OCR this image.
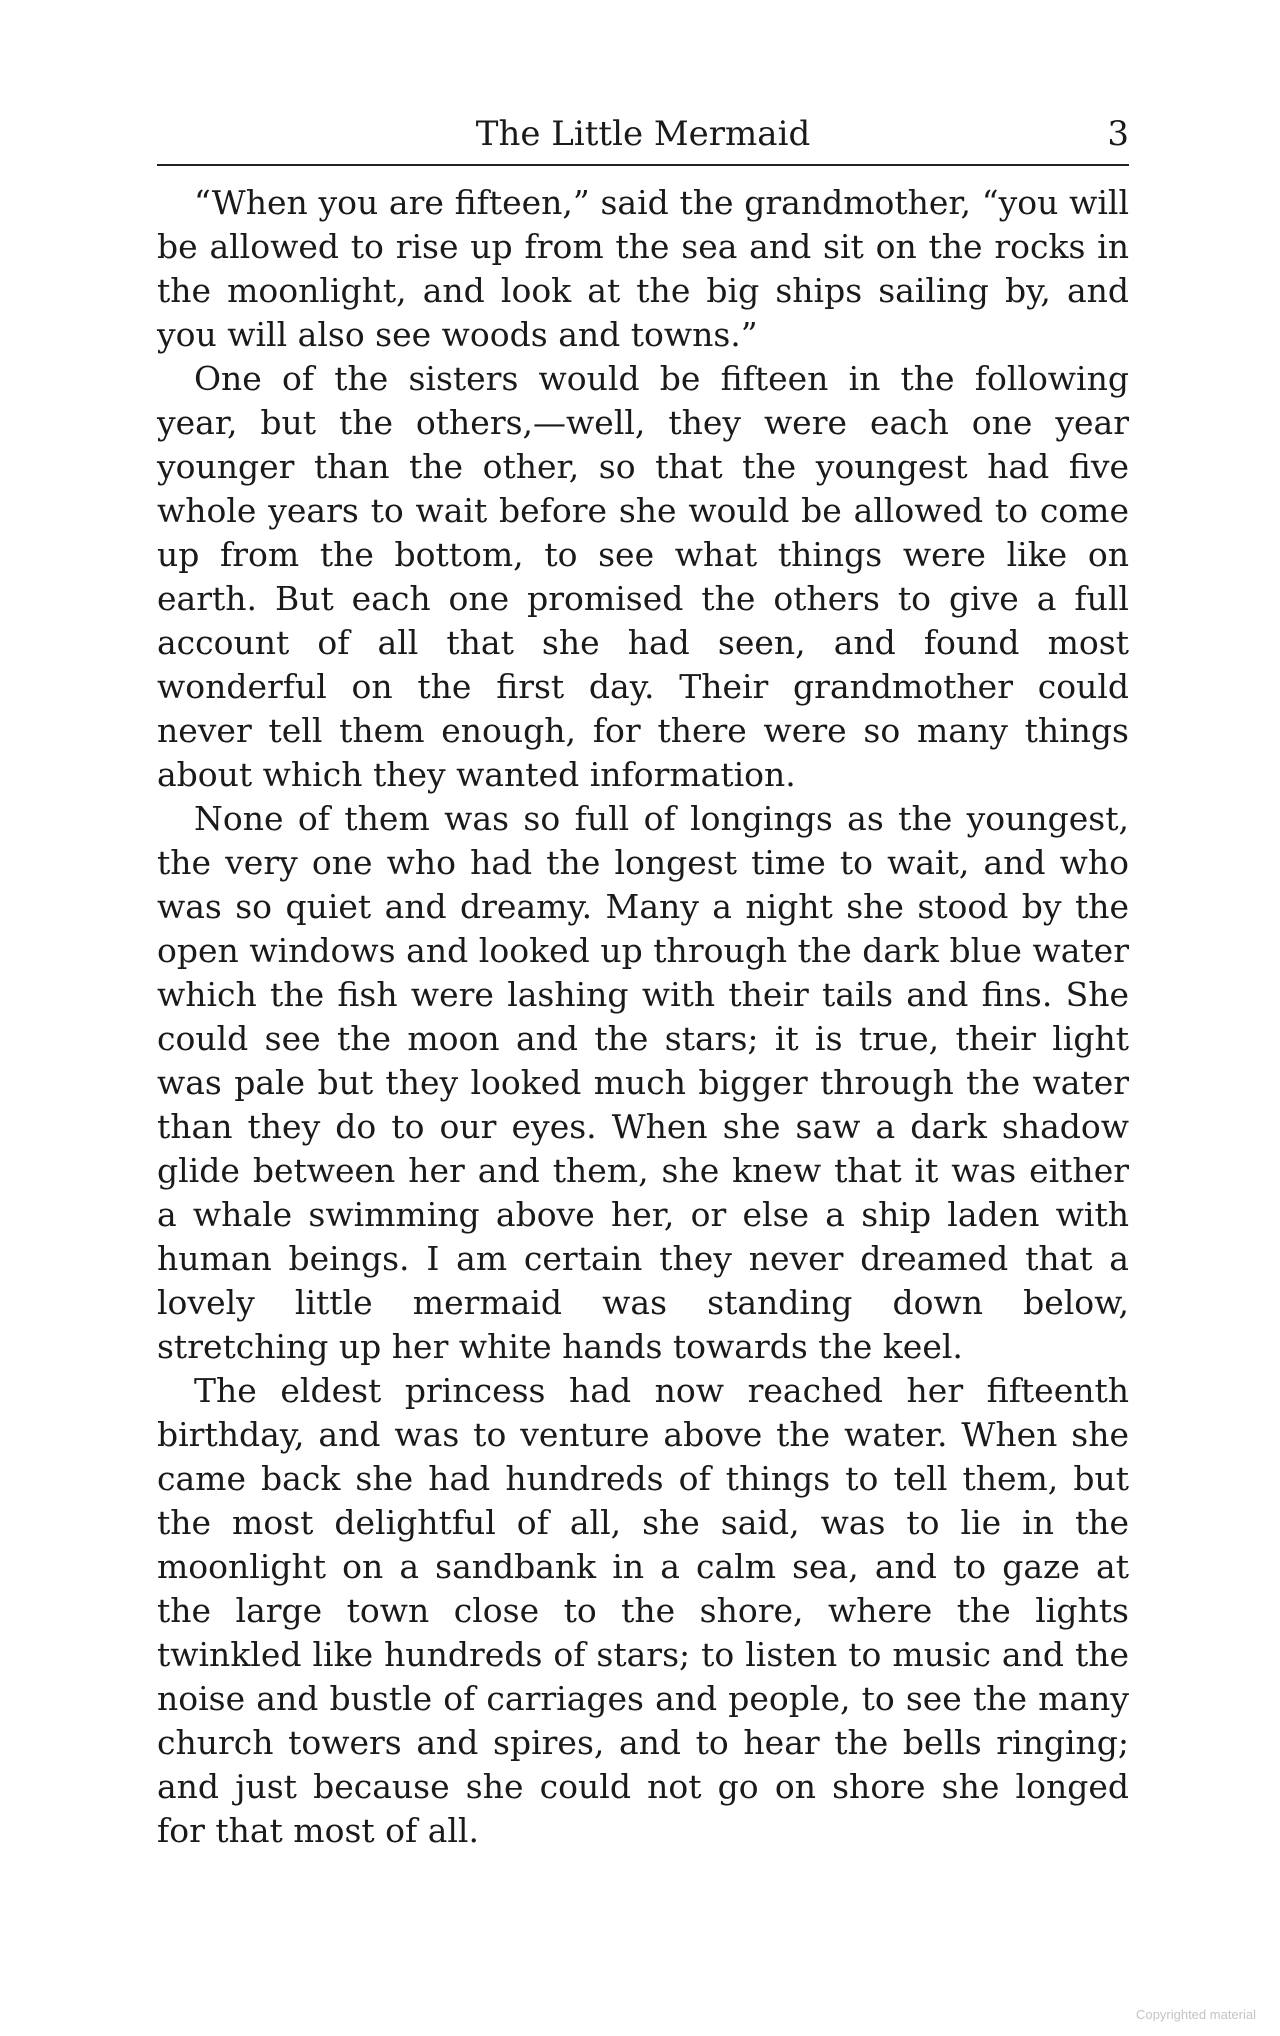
The Little Mermaid	3

“When you are fifteen,” said the grandmother, “you will be allowed to rise up from the sea and sit on the rocks in the moonlight, and look at the big ships sailing by, and you will also see woods and towns.”

One of the sisters would be fifteen in the following year, but the others,—well, they were each one year younger than the other, so that the youngest had five whole years to wait before she would be allowed to come up from the bottom, to see what things were like on earth. But each one promised the others to give a full account of all that she had seen, and found most wonderful on the first day. Their grandmother could never tell them enough, for there were so many things about which they wanted information.

None of them was so full of longings as the youngest, the very one who had the longest time to wait, and who was so quiet and dreamy. Many a night she stood by the open windows and looked up through the dark blue water which the fish were lashing with their tails and fins. She could see the moon and the stars; it is true, their light was pale but they looked much bigger through the water than they do to our eyes. When she saw a dark shadow glide between her and them, she knew that it was either a whale swimming above her, or else a ship laden with human beings. I am certain they never dreamed that a lovely little mermaid was standing down below, stretching up her white hands towards the keel.

The eldest princess had now reached her fifteenth birthday, and was to venture above the water. When she came back she had hundreds of things to tell them, but the most delightful of all, she said, was to lie in the moonlight on a sandbank in a calm sea, and to gaze at the large town close to the shore, where the lights twinkled like hundreds of stars; to listen to music and the noise and bustle of carriages and people, to see the many church towers and spires, and to hear the bells ringing; and just because she could not go on shore she longed for that most of all.

Copyrighted material
